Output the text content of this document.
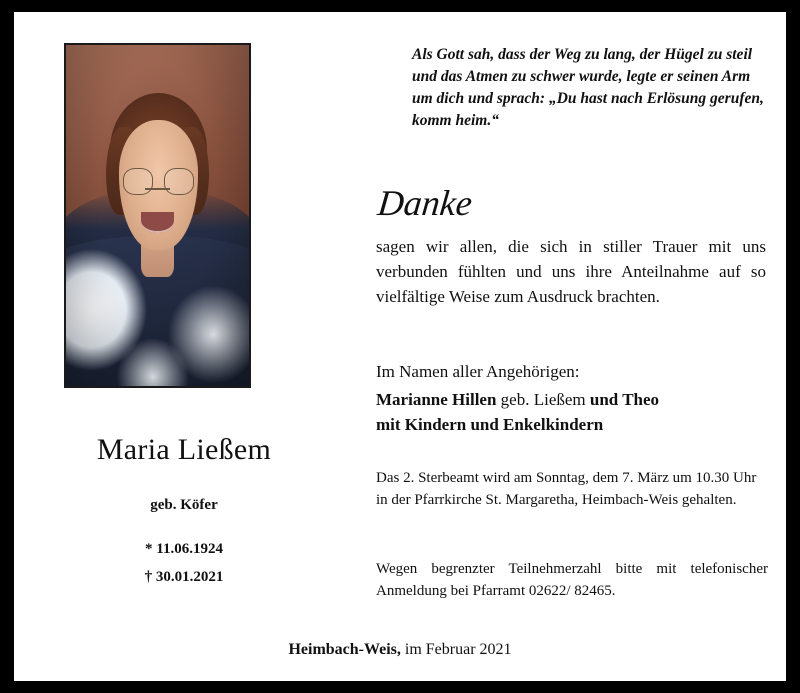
Maria Ließem
geb. Köfer
* 11.06.1924
† 30.01.2021
Als Gott sah, dass der Weg zu lang, der Hügel zu steil und das Atmen zu schwer wurde, legte er seinen Arm um dich und sprach: „Du hast nach Erlösung gerufen, komm heim.“
Danke
sagen wir allen, die sich in stiller Trauer mit uns verbunden fühlten und uns ihre Anteilnahme auf so vielfältige Weise zum Ausdruck brachten.
Im Namen aller Angehörigen:
Marianne Hillen geb. Ließem und Theo
mit Kindern und Enkelkindern
Das 2. Sterbeamt wird am Sonntag, dem 7. März um 10.30 Uhr in der Pfarrkirche St. Margaretha, Heimbach-Weis gehalten.
Wegen begrenzter Teilnehmerzahl bitte mit telefonischer Anmeldung bei Pfarramt 02622/ 82465.
Heimbach-Weis, im Februar 2021
